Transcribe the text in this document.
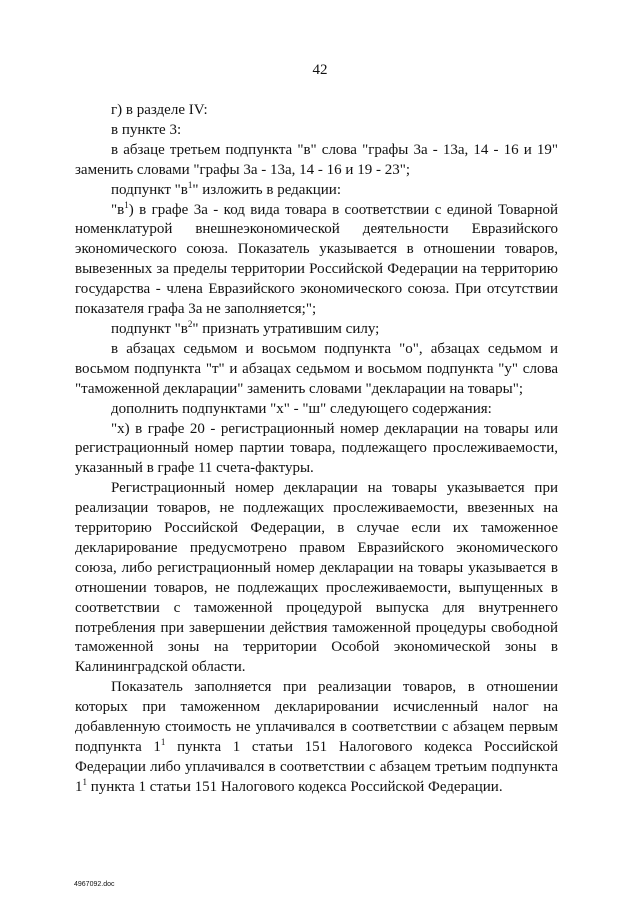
42

г) в разделе IV:

в пункте 3:

в абзаце третьем подпункта "в" слова "графы 3а - 13а, 14 - 16 и 19" заменить словами "графы 3а - 13а, 14 - 16 и 19 - 23";

подпункт "$в^1$" изложить в редакции:

"$в^1$) в графе 3а - код вида товара в соответствии с единой Товарной номенклатурой внешнеэкономической деятельности Евразийского экономического союза. Показатель указывается в отношении товаров, вывезенных за пределы территории Российской Федерации на территорию государства - члена Евразийского экономического союза. При отсутствии показателя графа 3а не заполняется;";

подпункт "$в^2$" признать утратившим силу;

в абзацах седьмом и восьмом подпункта "о", абзацах седьмом и восьмом подпункта "т" и абзацах седьмом и восьмом подпункта "у" слова "таможенной декларации" заменить словами "декларации на товары";

дополнить подпунктами "х" - "ш" следующего содержания:

"х) в графе 20 - регистрационный номер декларации на товары или регистрационный номер партии товара, подлежащего прослеживаемости, указанный в графе 11 счета-фактуры.

Регистрационный номер декларации на товары указывается при реализации товаров, не подлежащих прослеживаемости, ввезенных на территорию Российской Федерации, в случае если их таможенное декларирование предусмотрено правом Евразийского экономического союза, либо регистрационный номер декларации на товары указывается в отношении товаров, не подлежащих прослеживаемости, выпущенных в соответствии с таможенной процедурой выпуска для внутреннего потребления при завершении действия таможенной процедуры свободной таможенной зоны на территории Особой экономической зоны в Калининградской области.

Показатель заполняется при реализации товаров, в отношении которых при таможенном декларировании исчисленный налог на добавленную стоимость не уплачивался в соответствии с абзацем первым подпункта $1^1$ пункта 1 статьи 151 Налогового кодекса Российской Федерации либо уплачивался в соответствии с абзацем третьим подпункта $1^1$ пункта 1 статьи 151 Налогового кодекса Российской Федерации.

4967092.doc
